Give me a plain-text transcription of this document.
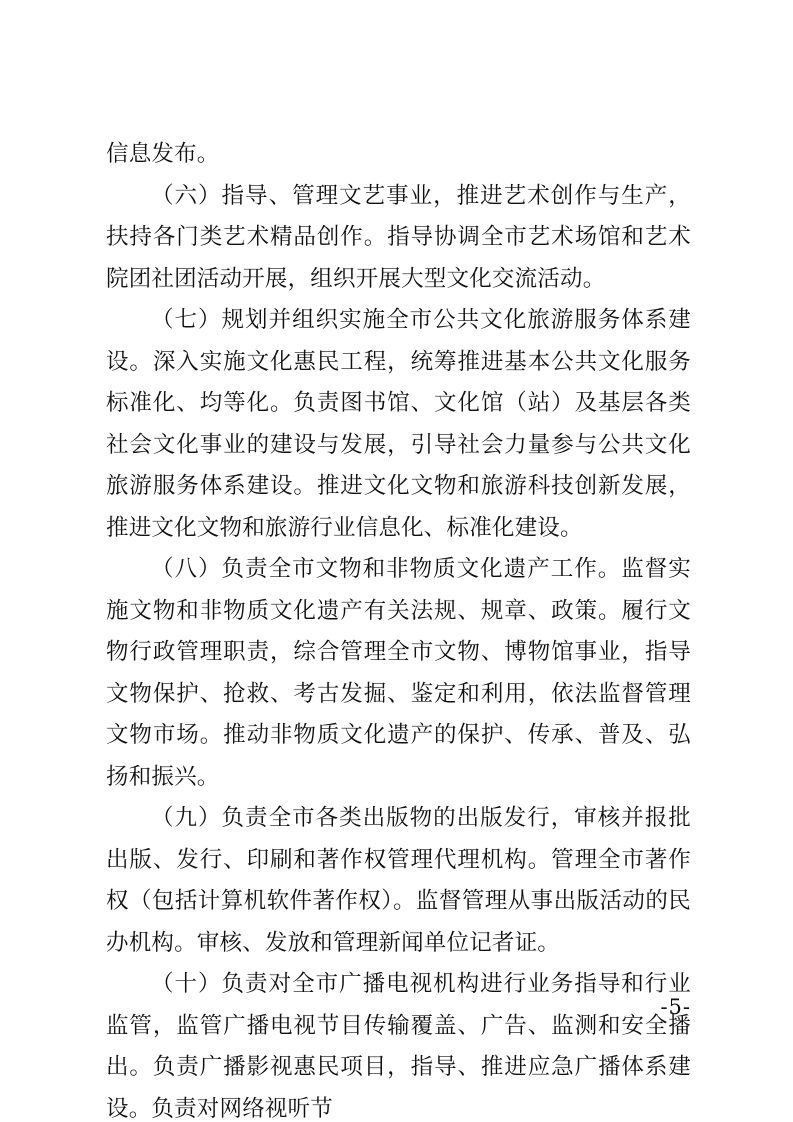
信息发布。

（六）指导、管理文艺事业，推进艺术创作与生产，扶持各门类艺术精品创作。指导协调全市艺术场馆和艺术院团社团活动开展，组织开展大型文化交流活动。

（七）规划并组织实施全市公共文化旅游服务体系建设。深入实施文化惠民工程，统筹推进基本公共文化服务标准化、均等化。负责图书馆、文化馆（站）及基层各类社会文化事业的建设与发展，引导社会力量参与公共文化旅游服务体系建设。推进文化文物和旅游科技创新发展，推进文化文物和旅游行业信息化、标准化建设。

（八）负责全市文物和非物质文化遗产工作。监督实施文物和非物质文化遗产有关法规、规章、政策。履行文物行政管理职责，综合管理全市文物、博物馆事业，指导文物保护、抢救、考古发掘、鉴定和利用，依法监督管理文物市场。推动非物质文化遗产的保护、传承、普及、弘扬和振兴。

（九）负责全市各类出版物的出版发行，审核并报批出版、发行、印刷和著作权管理代理机构。管理全市著作权（包括计算机软件著作权）。监督管理从事出版活动的民办机构。审核、发放和管理新闻单位记者证。

（十）负责对全市广播电视机构进行业务指导和行业监管，监管广播电视节目传输覆盖、广告、监测和安全播出。负责广播影视惠民项目，指导、推进应急广播体系建设。负责对网络视听节

-5-
